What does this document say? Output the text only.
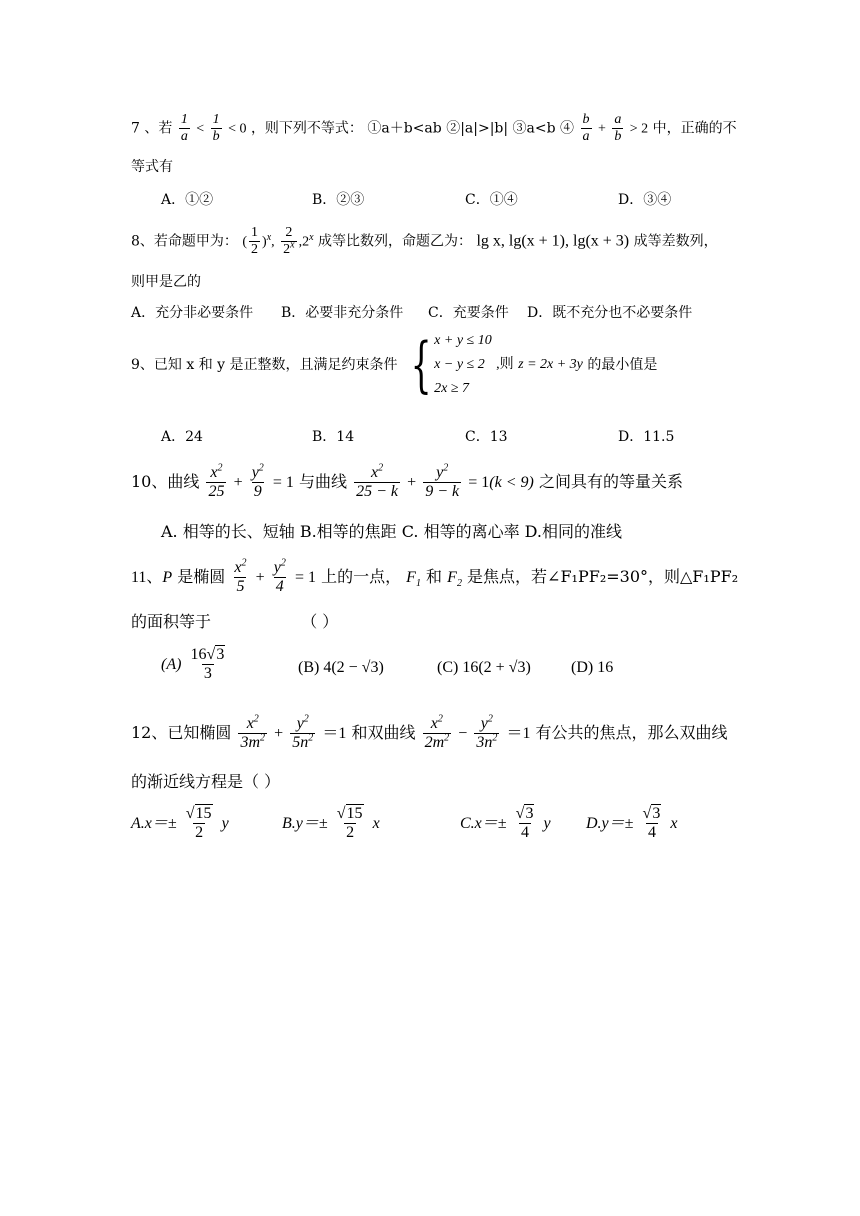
7 、若 $\frac{1}{a} < \frac{1}{b} < 0$ ，则下列不等式： ①a＋b<ab ②|a|>|b| ③a<b ④ $\frac{b}{a} + \frac{a}{b} > 2$ 中，正确的不
等式有
A．①②	B．②③	C．①④	D．③④
8、若命题甲为： ( $\frac{1}{2} )^x$, $\frac{2}{2^x} ,2^x$ 成等比数列，命题乙为： lg x, lg(x + 1), lg(x + 3) 成等差数列，
则甲是乙的
A．充分非必要条件 B．必要非充分条件 C．充要条件 D．既不充分也不必要条件
9、已知 x 和 y 是正整数，且满足约束条件 { x + y ≤ 10
x − y ≤ 2
2x ≥ 7
,则 z = 2x + 3y 的最小值是
A．24	B．14	C．13	D．11.5
10、曲线 $\frac{x^2}{25} + \frac{y^2}{9} = 1$ 与曲线 $\frac{x^2}{25 - k} + \frac{y^2}{9 - k} = 1(k < 9)$ 之间具有的等量关系
A. 相等的长、短轴 B.相等的焦距 C. 相等的离心率 D.相同的准线
11、P 是椭圆 $\frac{x^2}{5} + \frac{y^2}{4} = 1$ 上的一点， $F_1$ 和 $F_2$ 是焦点，若∠F₁PF₂=30°，则△F₁PF₂
的面积等于	（ ）
$(A) \frac{16√3}{3}$	(B) 4(2 − √3)	(C) 16(2 + √3)	(D) 16
12、已知椭圆 $\frac{x^2}{3m^2} + \frac{y^2}{5n^2} =1$ 和双曲线 $\frac{x^2}{2m^2} - \frac{y^2}{3n^2} =1$ 有公共的焦点，那么双曲线
的渐近线方程是（ ）
$A.x=\pm \frac{√15}{2}$ y	$B.y=\pm \frac{√15}{2}$ x	$C.x=\pm \frac{√3}{4}$ y $D.y=\pm \frac{√3}{4}$ x
